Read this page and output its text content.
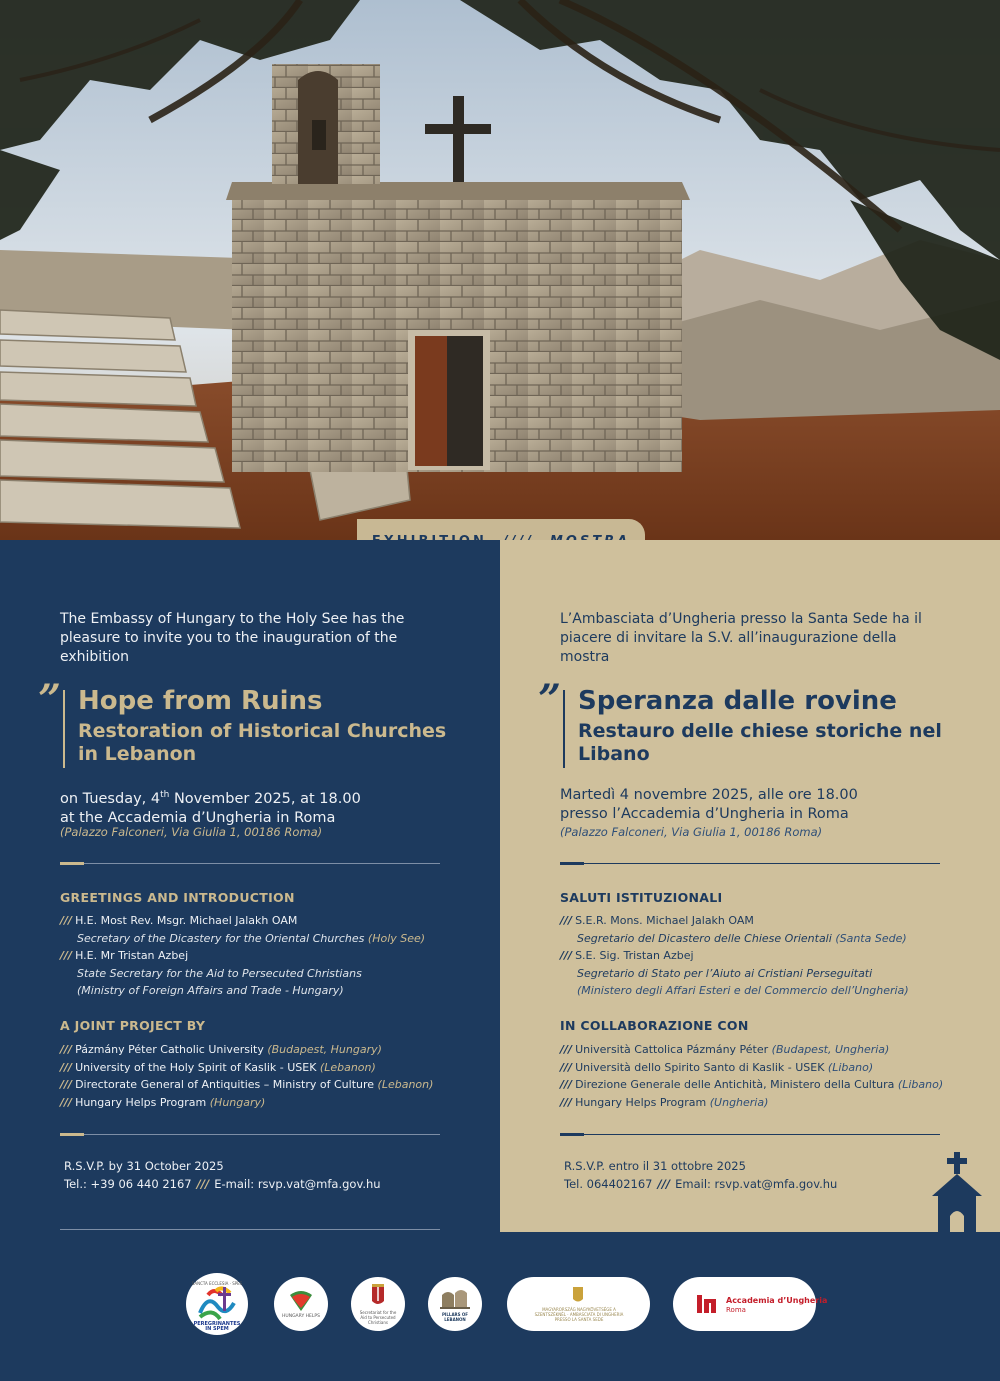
The Embassy of Hungary to the Holy See has the pleasure to invite you to the inauguration of the exhibition

” Hope from Ruins
Restoration of Historical Churches in Lebanon
on Tuesday, 4th November 2025, at 18.00
at the Accademia d’Ungheria in Roma
(Palazzo Falconeri, Via Giulia 1, 00186 Roma)
GREETINGS AND INTRODUCTION
/// H.E. Most Rev. Msgr. Michael Jalakh OAM
Secretary of the Dicastery for the Oriental Churches (Holy See)
/// H.E. Mr Tristan Azbej
State Secretary for the Aid to Persecuted Christians
(Ministry of Foreign Affairs and Trade - Hungary)
A JOINT PROJECT BY
/// Pázmány Péter Catholic University (Budapest, Hungary)
/// University of the Holy Spirit of Kaslik - USEK (Lebanon)
/// Directorate General of Antiquities – Ministry of Culture (Lebanon)
/// Hungary Helps Program (Hungary)
R.S.V.P. by 31 October 2025
Tel.: +39 06 440 2167 /// E-mail: rsvp.vat@mfa.gov.hu

L’Ambasciata d’Ungheria presso la Santa Sede ha il piacere di invitare la S.V. all’inaugurazione della mostra

” Speranza dalle rovine
Restauro delle chiese storiche nel Libano
Martedì 4 novembre 2025, alle ore 18.00
presso l’Accademia d’Ungheria in Roma
(Palazzo Falconeri, Via Giulia 1, 00186 Roma)
SALUTI ISTITUZIONALI
/// S.E.R. Mons. Michael Jalakh OAM
Segretario del Dicastero delle Chiese Orientali (Santa Sede)
/// S.E. Sig. Tristan Azbej
Segretario di Stato per l’Aiuto ai Cristiani Perseguitati
(Ministero degli Affari Esteri e del Commercio dell’Ungheria)
IN COLLABORAZIONE CON
/// Università Cattolica Pázmány Péter (Budapest, Ungheria)
/// Università dello Spirito Santo di Kaslik - USEK (Libano)
/// Direzione Generale delle Antichità, Ministero della Cultura (Libano)
/// Hungary Helps Program (Ungheria)
R.S.V.P. entro il 31 ottobre 2025
Tel. 064402167 /// Email: rsvp.vat@mfa.gov.hu
SANCTA ECCLESIA · SPES
PEREGRINANTES IN SPEM
HUNGARY HELPS
Secretariat for the Aid to Persecuted Christians
PILLARS OF LEBANON
MAGYARORSZÁG NAGYKÖVETSÉGE A SZENTSZÉKNÉL · AMBASCIATA DI UNGHERIA PRESSO LA SANTA SEDE
Accademia d’Ungheria
Roma
